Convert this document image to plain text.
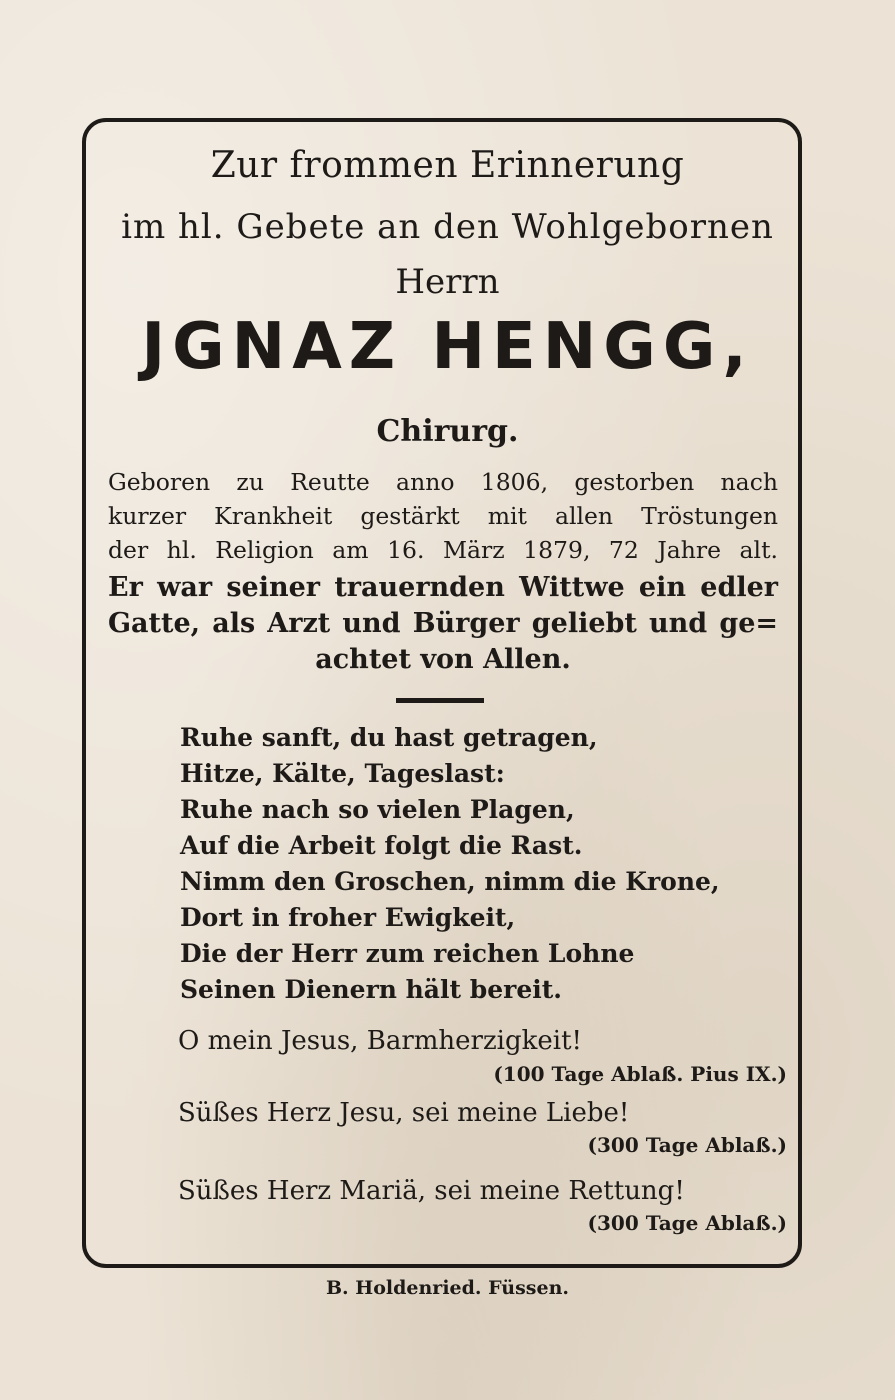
Zur frommen Erinnerung
im hl. Gebete an den Wohlgebornen
Herrn
JGNAZ HENGG,
Chirurg.
Geboren zu Reutte anno 1806, gestorben nach
kurzer Krankheit gestärkt mit allen Tröstungen
der hl. Religion am 16. März 1879, 72 Jahre alt.
Er war seiner trauernden Wittwe ein edler
Gatte, als Arzt und Bürger geliebt und ge=
achtet von Allen.
Ruhe sanft, du hast getragen,
Hitze, Kälte, Tageslast:
Ruhe nach so vielen Plagen,
Auf die Arbeit folgt die Rast.
Nimm den Groschen, nimm die Krone,
Dort in froher Ewigkeit,
Die der Herr zum reichen Lohne
Seinen Dienern hält bereit.
O mein Jesus, Barmherzigkeit!
(100 Tage Ablaß. Pius IX.)
Süßes Herz Jesu, sei meine Liebe!
(300 Tage Ablaß.)
Süßes Herz Mariä, sei meine Rettung!
(300 Tage Ablaß.)
B. Holdenried. Füssen.
